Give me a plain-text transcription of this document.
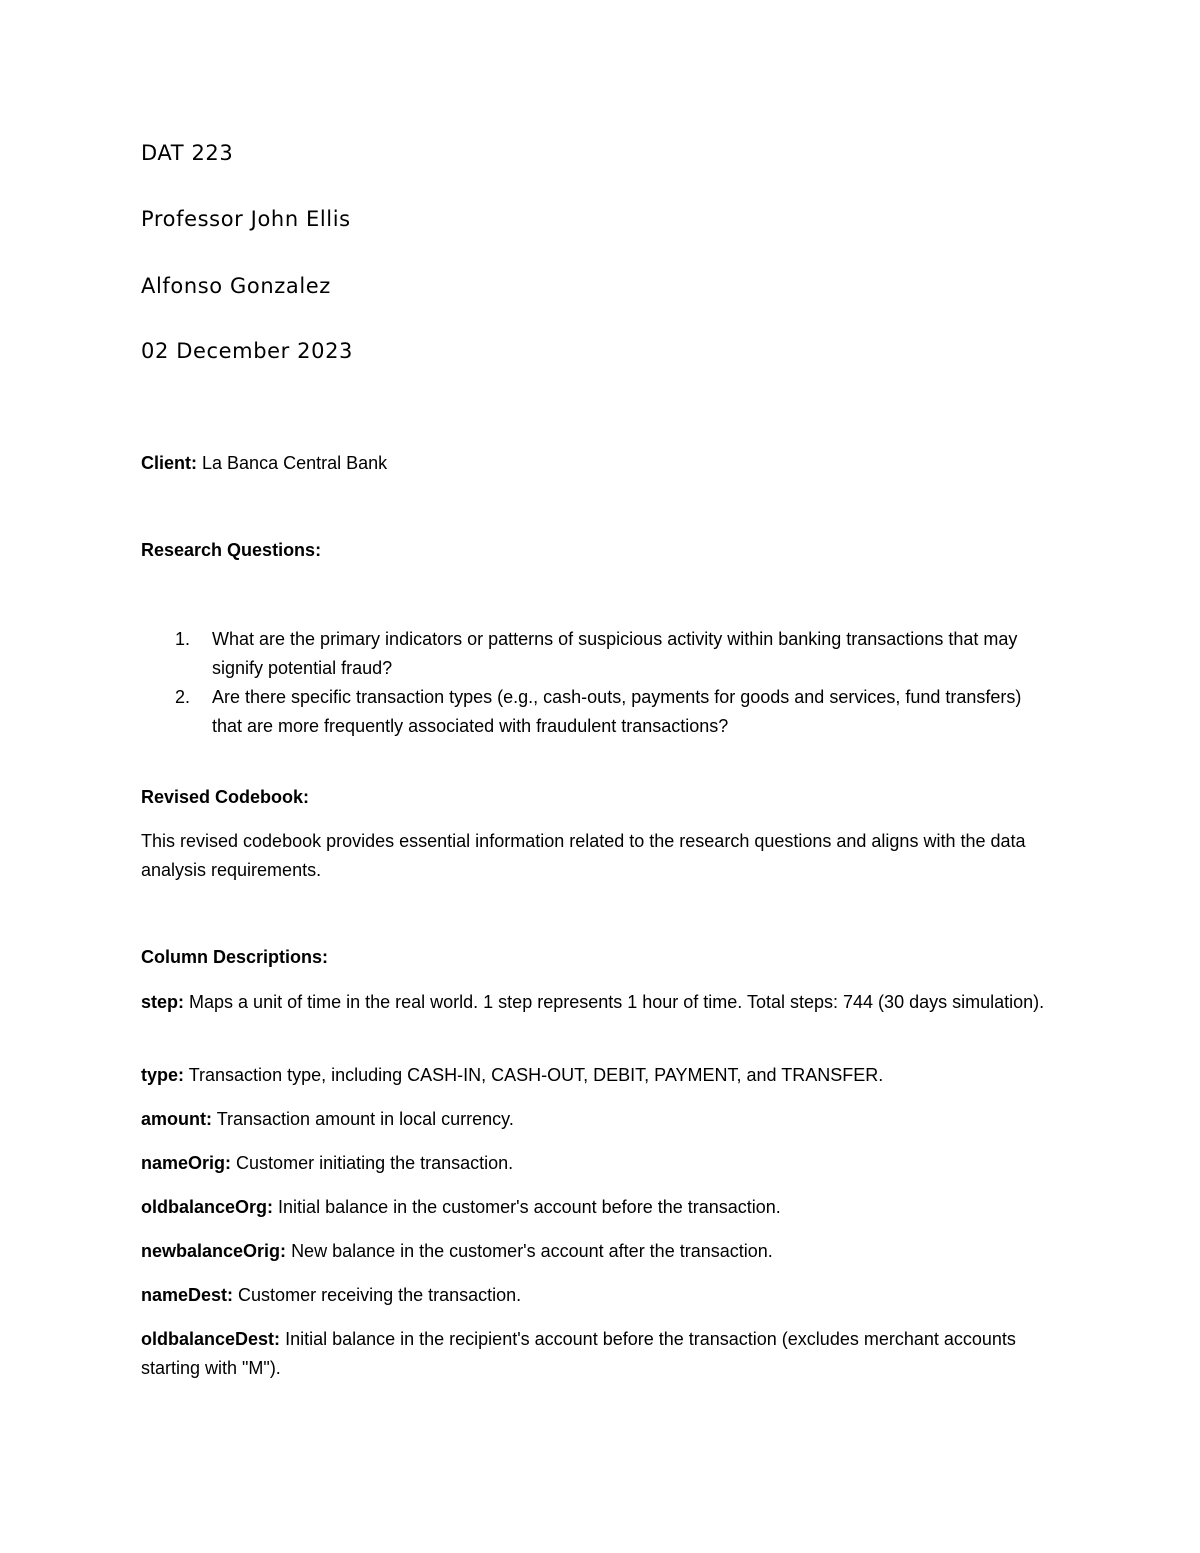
DAT 223
Professor John Ellis
Alfonso Gonzalez
02 December 2023
Client: La Banca Central Bank
Research Questions:
1. What are the primary indicators or patterns of suspicious activity within banking transactions that may signify potential fraud?
2. Are there specific transaction types (e.g., cash-outs, payments for goods and services, fund transfers) that are more frequently associated with fraudulent transactions?
Revised Codebook:
This revised codebook provides essential information related to the research questions and aligns with the data analysis requirements.
Column Descriptions:
step: Maps a unit of time in the real world. 1 step represents 1 hour of time. Total steps: 744 (30 days simulation).
type: Transaction type, including CASH-IN, CASH-OUT, DEBIT, PAYMENT, and TRANSFER.
amount: Transaction amount in local currency.
nameOrig: Customer initiating the transaction.
oldbalanceOrg: Initial balance in the customer's account before the transaction.
newbalanceOrig: New balance in the customer's account after the transaction.
nameDest: Customer receiving the transaction.
oldbalanceDest: Initial balance in the recipient's account before the transaction (excludes merchant accounts starting with "M").
